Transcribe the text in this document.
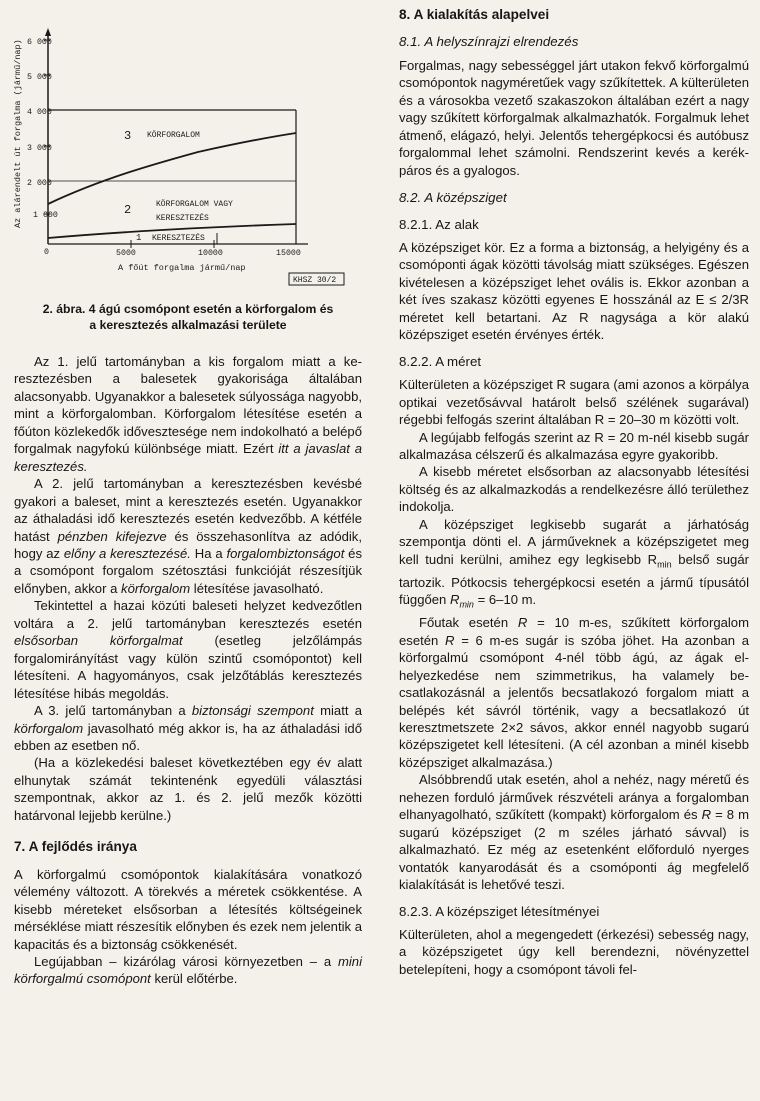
Az alárendelt út forgalma (jármű/nap) 6 000
5 000
4 000
3 000
2 000
1 000
0	5000	10000	15000
A főút forgalma jármű/nap
3 KÖRFORGALOM
2	KÖRFORGALOM VAGY
KERESZTEZÉS
1 KERESZTEZÉS
KHSZ 30/2
2. ábra. 4 ágú csomópont esetén a körforgalom és
a keresztezés alkalmazási területe

Az 1. jelű tartományban a kis forgalom miatt a keresztezésben a balesetek gyakorisága általában alacsonyabb. Ugyanakkor a balesetek súlyossága nagyobb, mint a körforgalomban. Körforgalom létesítése esetén a főúton közlekedők idővesztesége nem indokolható a belépő forgalmak nagyfokú különbsége miatt. Ezért itt a javaslat a keresztezés.

A 2. jelű tartományban a keresztezésben kevésbé gyakori a baleset, mint a keresztezés esetén. Ugyanakkor az áthaladási idő keresztezés esetén kedvezőbb. A kétféle hatást pénzben kifejezve és összehasonlítva az adódik, hogy az előny a keresztezésé. Ha a forgalombiztonságot és a csomópont forgalom szétosztási funkcióját részesítjük előnyben, akkor a körforgalom létesítése javasolható.

Tekintettel a hazai közúti baleseti helyzet kedvezőtlen voltára a 2. jelű tartományban keresztezés esetén elsősorban körforgalmat (esetleg jelzőlámpás forgalomirányítást vagy külön szintű csomópontot) kell létesíteni. A hagyományos, csak jelzőtáblás keresztezés létesítése hibás megoldás.

A 3. jelű tartományban a biztonsági szempont miatt a körforgalom javasolható még akkor is, ha az áthaladási idő ebben az esetben nő.

(Ha a közlekedési baleset következtében egy év alatt elhunytak számát tekintenénk egyedüli választási szempontnak, akkor az 1. és 2. jelű mezők közötti határvonal lejjebb kerülne.)

7. A fejlődés iránya

A körforgalmú csomópontok kialakítására vonatkozó vélemény változott. A törekvés a méretek csökkentése. A kisebb méreteket elsősorban a létesítés költségeinek mérséklése miatt részesítik előnyben és ezek nem jelentik a kapacitás és a biztonság csökkenését.

Legújabban – kizárólag városi környezetben – a mini körforgalmú csomópont kerül előtérbe.

8. A kialakítás alapelvei

8.1. A helyszínrajzi elrendezés

Forgalmas, nagy sebességgel járt utakon fekvő körforgalmú csomópontok nagyméretűek vagy szűkítettek. A külterületen és a városokba vezető szakaszokon általában ezért a nagy vagy szűkített körforgalmak alkalmazhatók. Forgalmuk lehet átmenő, elágazó, helyi. Jelentős tehergépkocsi és autóbusz forgalommal lehet számolni. Rendszerint kevés a kerékpáros és a gyalogos.

8.2. A középsziget

8.2.1. Az alak

A középsziget kör. Ez a forma a biztonság, a helyigény és a csomóponti ágak közötti távolság miatt szükséges. Egészen kivételesen a középsziget lehet ovális is. Ekkor azonban a két íves szakasz közötti egyenes E hosszánál az E ≤ 2/3R méretet kell betartani. Az R nagysága a kör alakú középsziget esetén érvényes érték.

8.2.2. A méret

Külterületen a középsziget R sugara (ami azonos a körpálya optikai vezetősávval határolt belső szélének sugarával) régebbi felfogás szerint általában R = 20–30 m közötti volt.

A legújabb felfogás szerint az R = 20 m-nél kisebb sugár alkalmazása célszerű és alkalmazása egyre gyakoribb.

A kisebb méretet elsősorban az alacsonyabb létesítési költség és az alkalmazkodás a rendelkezésre álló területhez indokolja.

A középsziget legkisebb sugarát a járhatóság szempontja dönti el. A járműveknek a középszigetet meg kell tudni kerülni, amihez egy legkisebb $R_{min}$ belső sugár tartozik. Pótkocsis tehergépkocsi esetén a jármű típusától függően $R_{min} = 6-10$ m.

Főutak esetén R = 10 m-es, szűkített körforgalom esetén R = 6 m-es sugár is szóba jöhet. Ha azonban a körforgalmú csomópont 4-nél több ágú, az ágak elhelyezkedése nem szimmetrikus, ha valamely becsatlakozásnál a jelentős becsatlakozó forgalom miatt a belépés két sávról történik, vagy a becsatlakozó út keresztmetszete 2×2 sávos, akkor ennél nagyobb sugarú középszigetet kell létesíteni. (A cél azonban a minél kisebb középsziget alkalmazása.)

Alsóbbrendű utak esetén, ahol a nehéz, nagy méretű és nehezen forduló járművek részvételi aránya a forgalomban elhanyagolható, szűkített (kompakt) körforgalom és R = 8 m sugarú középsziget (2 m széles járható sávval) is alkalmazható. Ez még az esetenként előforduló nyerges vontatók kanyarodását és a csomóponti ág megfelelő kialakítását is lehetővé teszi.

8.2.3. A középsziget létesítményei

Külterületen, ahol a megengedett (érkezési) sebesség nagy, a középszigetet úgy kell berendezni, növényzettel betelepíteni, hogy a csomópont távoli fel-
